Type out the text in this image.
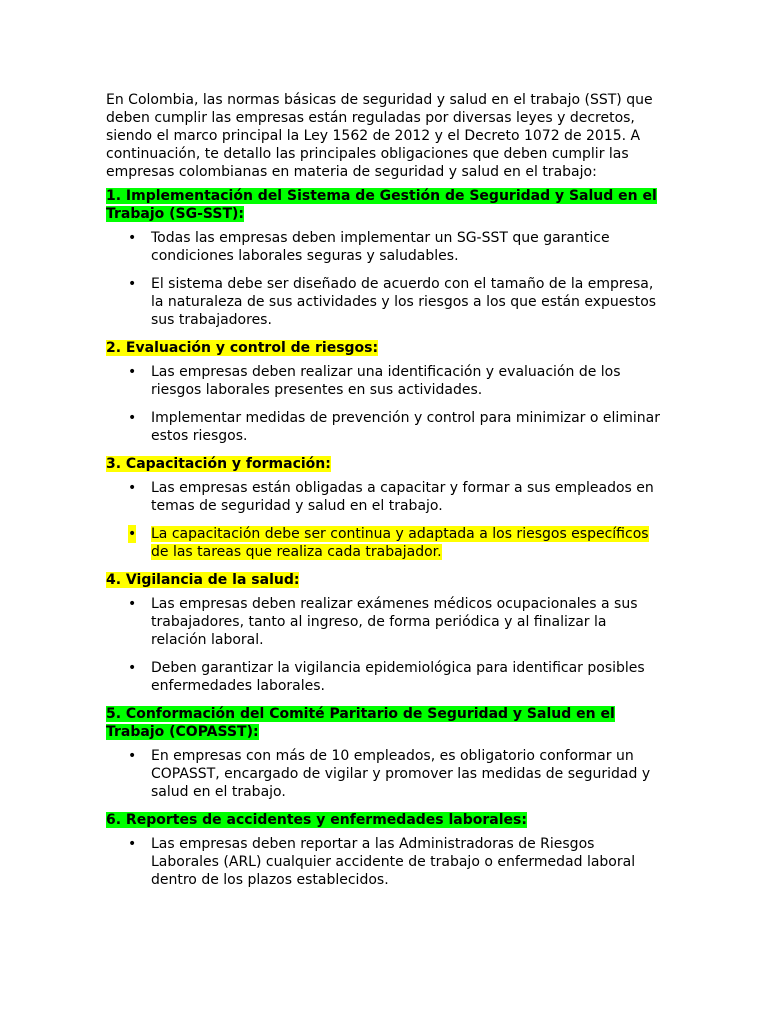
En Colombia, las normas básicas de seguridad y salud en el trabajo (SST) que deben cumplir las empresas están reguladas por diversas leyes y decretos, siendo el marco principal la Ley 1562 de 2012 y el Decreto 1072 de 2015. A continuación, te detallo las principales obligaciones que deben cumplir las empresas colombianas en materia de seguridad y salud en el trabajo:

1. Implementación del Sistema de Gestión de Seguridad y Salud en el Trabajo (SG-SST):

• Todas las empresas deben implementar un SG-SST que garantice condiciones laborales seguras y saludables.
• El sistema debe ser diseñado de acuerdo con el tamaño de la empresa, la naturaleza de sus actividades y los riesgos a los que están expuestos sus trabajadores.

2. Evaluación y control de riesgos:

• Las empresas deben realizar una identificación y evaluación de los riesgos laborales presentes en sus actividades.
• Implementar medidas de prevención y control para minimizar o eliminar estos riesgos.

3. Capacitación y formación:

• Las empresas están obligadas a capacitar y formar a sus empleados en temas de seguridad y salud en el trabajo.
• La capacitación debe ser continua y adaptada a los riesgos específicos de las tareas que realiza cada trabajador.

4. Vigilancia de la salud:

• Las empresas deben realizar exámenes médicos ocupacionales a sus trabajadores, tanto al ingreso, de forma periódica y al finalizar la relación laboral.
• Deben garantizar la vigilancia epidemiológica para identificar posibles enfermedades laborales.

5. Conformación del Comité Paritario de Seguridad y Salud en el Trabajo (COPASST):

• En empresas con más de 10 empleados, es obligatorio conformar un COPASST, encargado de vigilar y promover las medidas de seguridad y salud en el trabajo.

6. Reportes de accidentes y enfermedades laborales:

• Las empresas deben reportar a las Administradoras de Riesgos Laborales (ARL) cualquier accidente de trabajo o enfermedad laboral dentro de los plazos establecidos.
